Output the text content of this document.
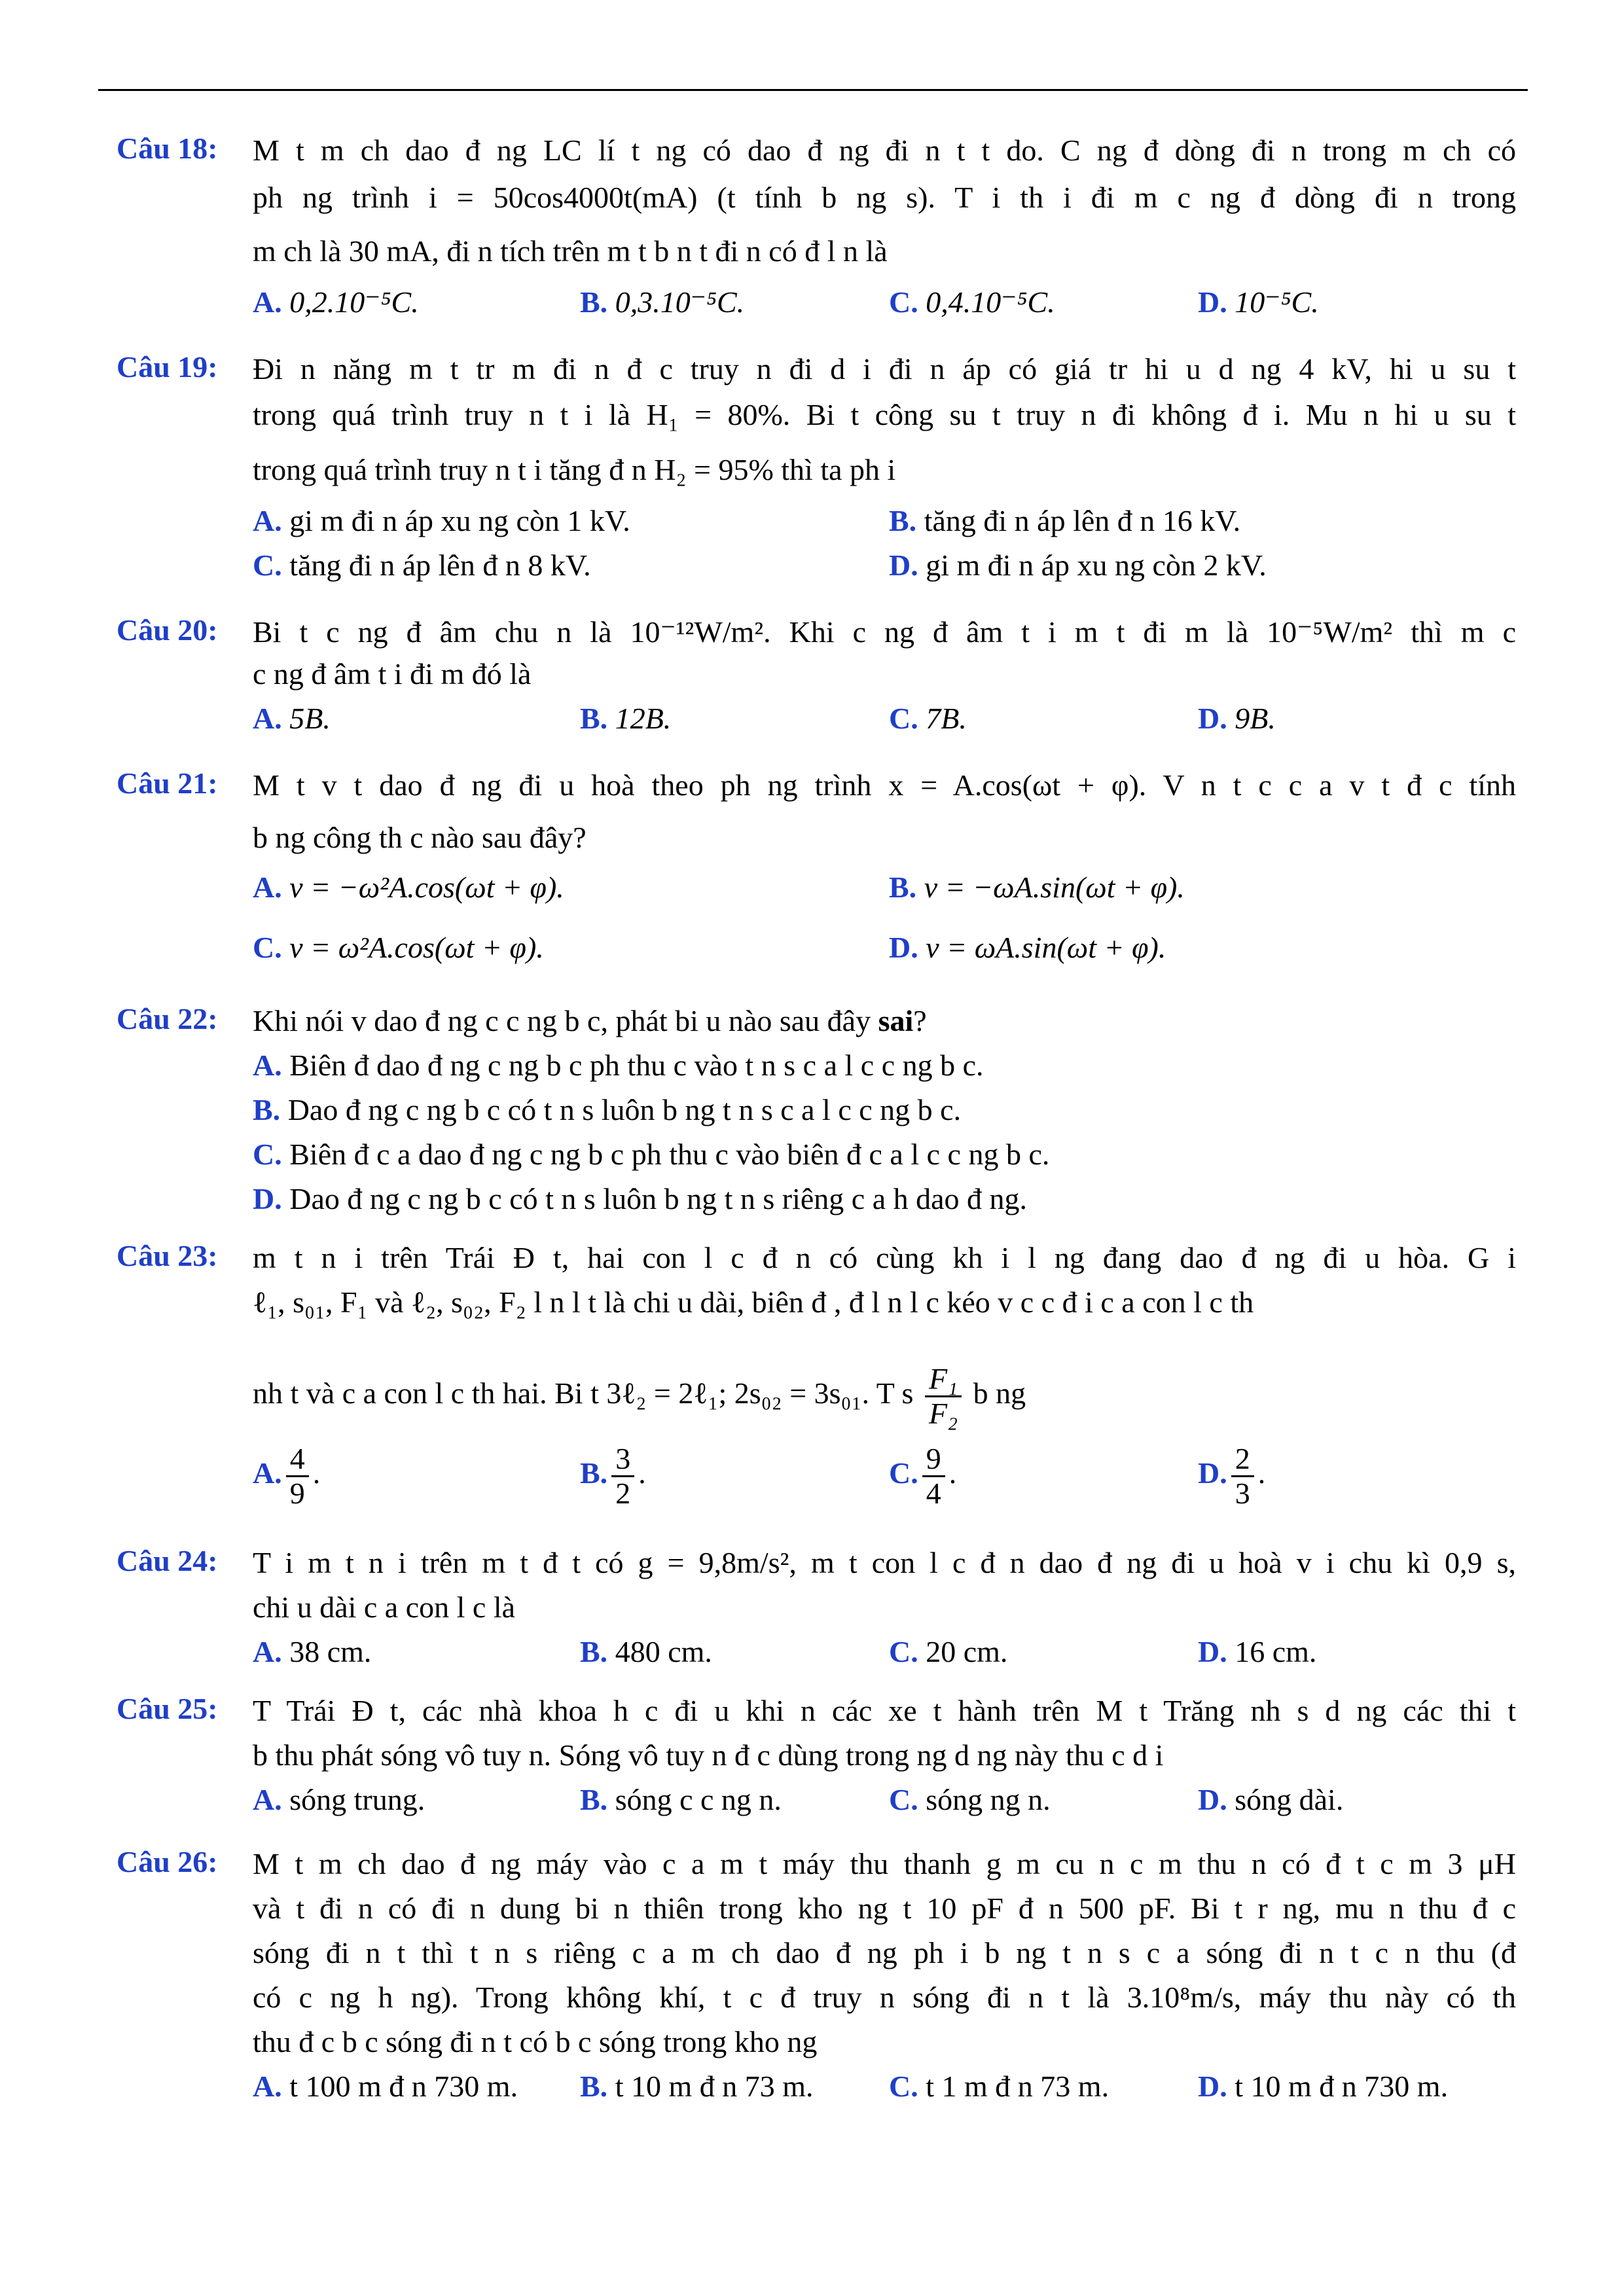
Câu 18: M t m ch dao đ ng LC lí t ng có dao đ ng đi n t t do. C ng đ dòng đi n trong m ch có
ph ng trình i = 50cos4000t(mA) (t tính b ng s). T i th i đi m c ng đ dòng đi n trong
m ch là 30 mA, đi n tích trên m t b n t đi n có đ l n là
A. 0,2.10⁻⁵C.	B. 0,3.10⁻⁵C.	C. 0,4.10⁻⁵C.	D. 10⁻⁵C.
Câu 19: Đi n năng m t tr m đi n đ c truy n đi d i đi n áp có giá tr hi u d ng 4 kV, hi u su t
trong quá trình truy n t i là H₁ = 80%. Bi t công su t truy n đi không đ i. Mu n hi u su t
trong quá trình truy n t i tăng đ n H₂ = 95% thì ta ph i
A. gi m đi n áp xu ng còn 1 kV.	B. tăng đi n áp lên đ n 16 kV.
C. tăng đi n áp lên đ n 8 kV.	D. gi m đi n áp xu ng còn 2 kV.
Câu 20: Bi t c ng đ âm chu n là 10⁻¹²W/m². Khi c ng đ âm t i m t đi m là 10⁻⁵W/m² thì m c
c ng đ âm t i đi m đó là
A. 5B.	B. 12B.	C. 7B.	D. 9B.
Câu 21: M t v t dao đ ng đi u hoà theo ph ng trình x = A.cos(ωt + φ). V n t c c a v t đ c tính
b ng công th c nào sau đây?
A. v = −ω²A.cos(ωt + φ).	B. v = −ωA.sin(ωt + φ).
C. v = ω²A.cos(ωt + φ).	D. v = ωA.sin(ωt + φ).
Câu 22: Khi nói v dao đ ng c c ng b c, phát bi u nào sau đây sai?
A. Biên đ dao đ ng c ng b c ph thu c vào t n s c a l c c ng b c.
B. Dao đ ng c ng b c có t n s luôn b ng t n s c a l c c ng b c.
C. Biên đ c a dao đ ng c ng b c ph thu c vào biên đ c a l c c ng b c.
D. Dao đ ng c ng b c có t n s luôn b ng t n s riêng c a h dao đ ng.
Câu 23: m t n i trên Trái Đ t, hai con l c đ n có cùng kh i l ng đang dao đ ng đi u hòa. G i
ℓ₁, s₀₁, F₁ và ℓ₂, s₀₂, F₂ l n l t là chi u dài, biên đ , đ l n l c kéo v c c đ i c a con l c th
nh t và c a con l c th hai. Bi t 3ℓ₂ = 2ℓ₁; 2s₀₂ = 3s₀₁. T s $\frac{\text{F₁}}{\text{F₂}}$ b ng
A. $\frac{4}{9}$ .	B. $\frac{3}{2}$ .	C. $\frac{9}{4}$ .	D. $\frac{2}{3}$ .
Câu 24: T i m t n i trên m t đ t có g = 9,8m/s², m t con l c đ n dao đ ng đi u hoà v i chu kì 0,9 s,
chi u dài c a con l c là
A. 38 cm.	B. 480 cm.	C. 20 cm.	D. 16 cm.
Câu 25: T Trái Đ t, các nhà khoa h c đi u khi n các xe t hành trên M t Trăng nh s d ng các thi t
b thu phát sóng vô tuy n. Sóng vô tuy n đ c dùng trong ng d ng này thu c d i
A. sóng trung.	B. sóng c c ng n.	C. sóng ng n.	D. sóng dài.
Câu 26: M t m ch dao đ ng máy vào c a m t máy thu thanh g m cu n c m thu n có đ t c m 3 μH
và t đi n có đi n dung bi n thiên trong kho ng t 10 pF đ n 500 pF. Bi t r ng, mu n thu đ c
sóng đi n t thì t n s riêng c a m ch dao đ ng ph i b ng t n s c a sóng đi n t c n thu (đ
có c ng h ng). Trong không khí, t c đ truy n sóng đi n t là 3.10⁸m/s, máy thu này có th
thu đ c b c sóng đi n t có b c sóng trong kho ng
A. t 100 m đ n 730 m. B. t 10 m đ n 73 m.	C. t 1 m đ n 73 m.	D. t 10 m đ n 730 m.
